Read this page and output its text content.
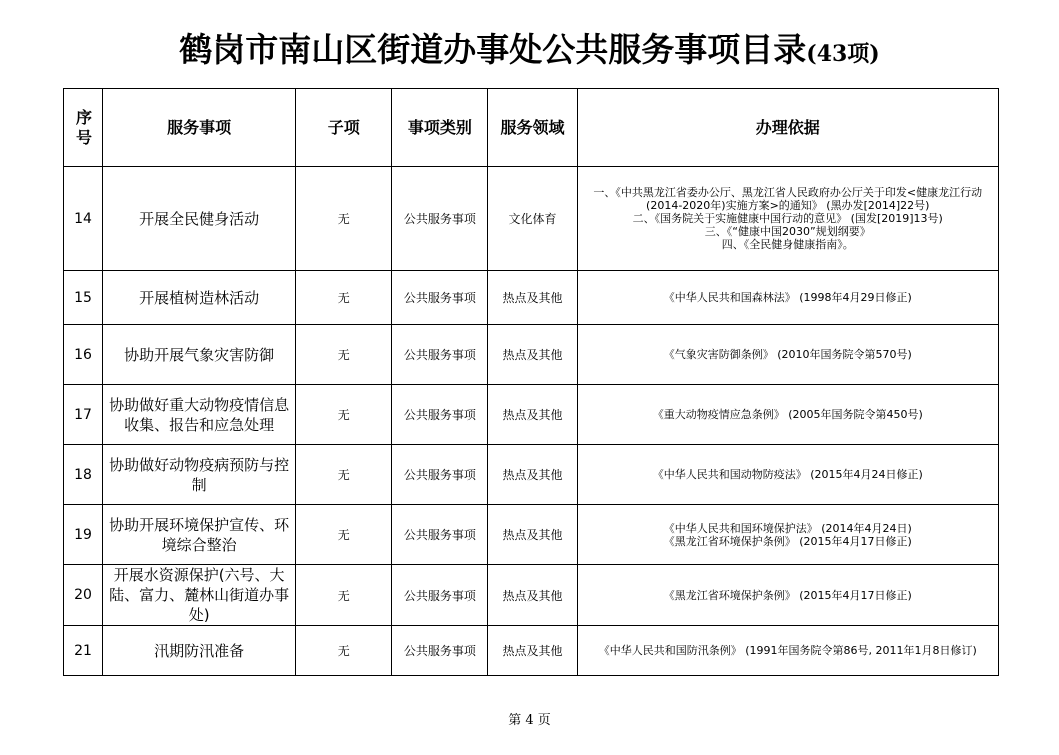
鹤岗市南山区街道办事处公共服务事项目录(43项)
序号	服务事项	子项	事项类别	服务领域	办理依据
14	开展全民健身活动	无	公共服务事项	文化体育	一、《中共黑龙江省委办公厅、黑龙江省人民政府办公厅关于印发<健康龙江行动(2014-2020年)实施方案>的通知》 (黑办发[2014]22号)
二、《国务院关于实施健康中国行动的意见》 (国发[2019]13号)
三、《“健康中国2030”规划纲要》
四、《全民健身健康指南》。

15	开展植树造林活动	无	公共服务事项	热点及其他	《中华人民共和国森林法》 (1998年4月29日修正)

16	协助开展气象灾害防御	无	公共服务事项	热点及其他	《气象灾害防御条例》 (2010年国务院令第570号)

17	协助做好重大动物疫情信息收集、报告和应急处理	无	公共服务事项	热点及其他	《重大动物疫情应急条例》 (2005年国务院令第450号)

18	协助做好动物疫病预防与控制	无	公共服务事项	热点及其他	《中华人民共和国动物防疫法》 (2015年4月24日修正)

19	协助开展环境保护宣传、环境综合整治	无	公共服务事项	热点及其他	《中华人民共和国环境保护法》 (2014年4月24日)
《黑龙江省环境保护条例》 (2015年4月17日修正)

20	开展水资源保护(六号、大陆、富力、麓林山街道办事处)	无	公共服务事项	热点及其他	《黑龙江省环境保护条例》 (2015年4月17日修正)

21	汛期防汛准备	无	公共服务事项	热点及其他	《中华人民共和国防汛条例》 (1991年国务院令第86号, 2011年1月8日修订)
第 4 页
